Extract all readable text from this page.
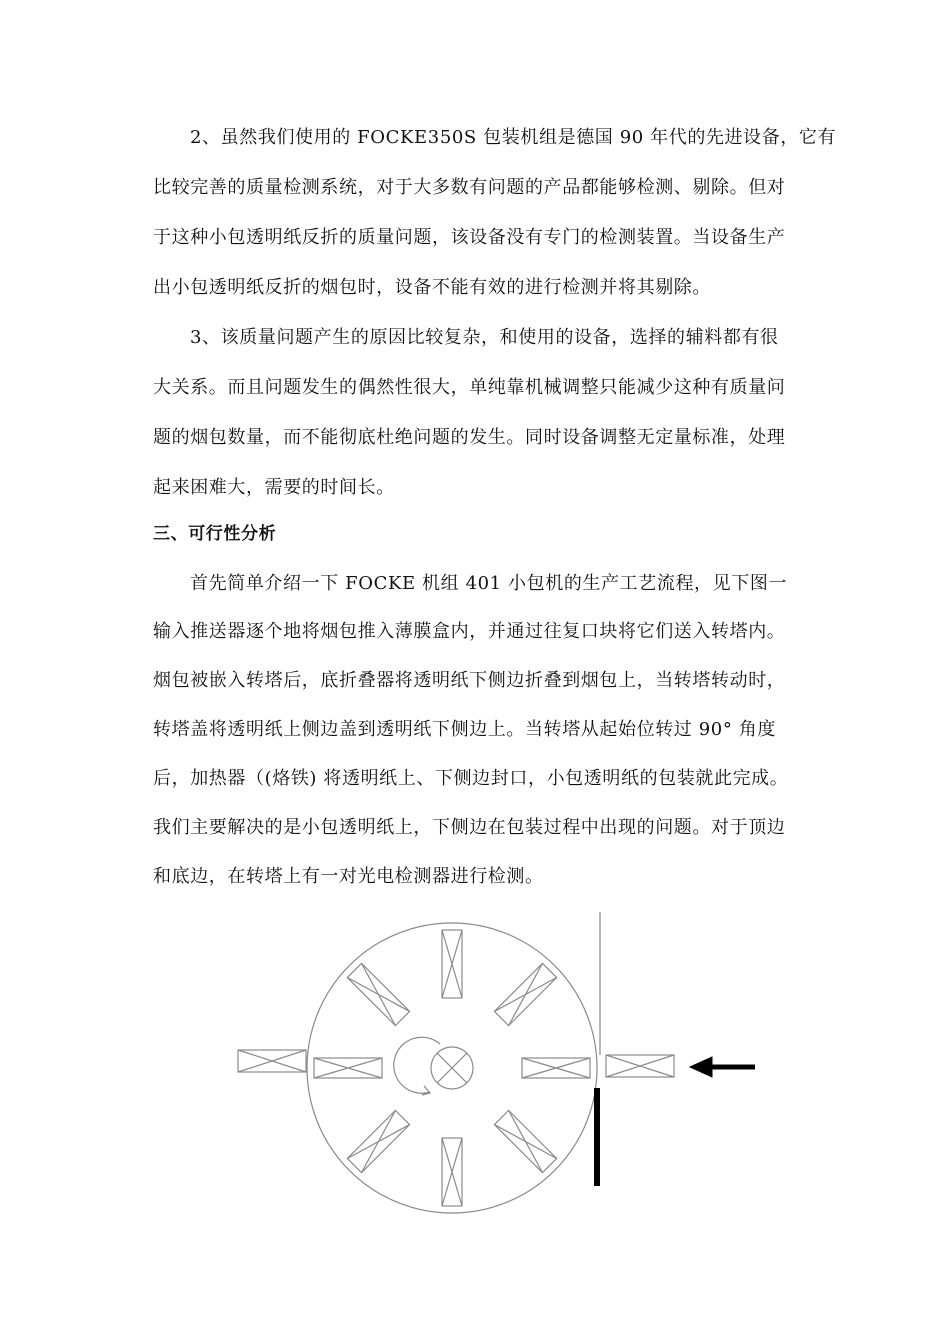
2、虽然我们使用的 FOCKE350S 包装机组是德国 90 年代的先进设备，它有
比较完善的质量检测系统，对于大多数有问题的产品都能够检测、剔除。但对
于这种小包透明纸反折的质量问题，该设备没有专门的检测装置。当设备生产
出小包透明纸反折的烟包时，设备不能有效的进行检测并将其剔除。
3、该质量问题产生的原因比较复杂，和使用的设备，选择的辅料都有很
大关系。而且问题发生的偶然性很大，单纯靠机械调整只能减少这种有质量问
题的烟包数量，而不能彻底杜绝问题的发生。同时设备调整无定量标准，处理
起来困难大，需要的时间长。
三、可行性分析
首先简单介绍一下 FOCKE 机组 401 小包机的生产工艺流程，见下图一
输入推送器逐个地将烟包推入薄膜盒内，并通过往复口块将它们送入转塔内。
烟包被嵌入转塔后，底折叠器将透明纸下侧边折叠到烟包上，当转塔转动时，
转塔盖将透明纸上侧边盖到透明纸下侧边上。当转塔从起始位转过 90° 角度
后，加热器（(烙铁) 将透明纸上、下侧边封口，小包透明纸的包装就此完成。
我们主要解决的是小包透明纸上，下侧边在包装过程中出现的问题。对于顶边
和底边，在转塔上有一对光电检测器进行检测。
